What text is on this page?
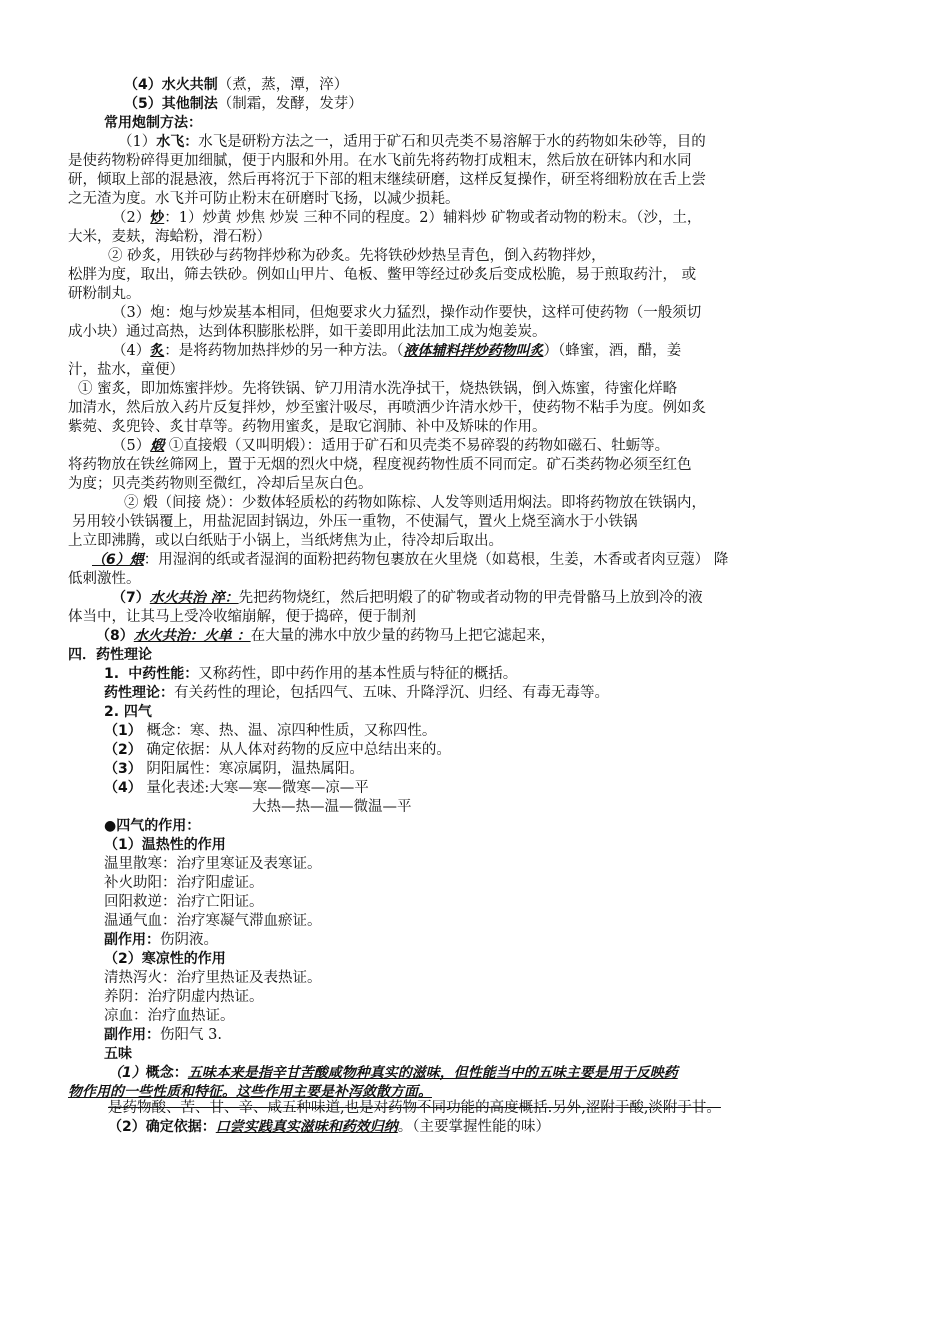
（4）水火共制（煮，蒸，潭，淬）
（5）其他制法（制霜，发酵，发芽）
常用炮制方法：
（1）水飞：水飞是研粉方法之一，适用于矿石和贝壳类不易溶解于水的药物如朱砂等，目的
是使药物粉碎得更加细腻，便于内服和外用。在水飞前先将药物打成粗末，然后放在研钵内和水同
研，倾取上部的混悬液，然后再将沉于下部的粗末继续研磨，这样反复操作，研至将细粉放在舌上尝
之无渣为度。水飞并可防止粉末在研磨时飞扬，以减少损耗。
（2）炒：1）炒黄 炒焦 炒炭 三种不同的程度。2）辅料炒 矿物或者动物的粉末。（沙，土，
大米，麦麸，海蛤粉，滑石粉）
② 砂炙，用铁砂与药物拌炒称为砂炙。先将铁砂炒热呈青色，倒入药物拌炒，
松胖为度，取出，筛去铁砂。例如山甲片、龟板、鳖甲等经过砂炙后变成松脆，易于煎取药汁， 或
研粉制丸。
（3）炮：炮与炒炭基本相同，但炮要求火力猛烈，操作动作要快，这样可使药物（一般须切
成小块）通过高热，达到体积膨胀松胖，如干姜即用此法加工成为炮姜炭。
（4）炙：是将药物加热拌炒的另一种方法。（液体辅料拌炒药物叫炙）（蜂蜜，酒，醋，姜
汁，盐水，童便）
① 蜜炙，即加炼蜜拌炒。先将铁锅、铲刀用清水洗净拭干，烧热铁锅，倒入炼蜜，待蜜化烊略
加清水，然后放入药片反复拌炒，炒至蜜汁吸尽，再喷洒少许清水炒干，使药物不粘手为度。例如炙
紫菀、炙兜铃、炙甘草等。药物用蜜炙，是取它润肺、补中及矫味的作用。
（5）煅 ①直接煅（又叫明煅）：适用于矿石和贝壳类不易碎裂的药物如磁石、牡蛎等。
将药物放在铁丝筛网上，置于无烟的烈火中烧，程度视药物性质不同而定。矿石类药物必须至红色
为度；贝壳类药物则至微红，冷却后呈灰白色。
② 煅（间接 烧）：少数体轻质松的药物如陈棕、人发等则适用焖法。即将药物放在铁锅内，
另用较小铁锅覆上，用盐泥固封锅边，外压一重物，不使漏气，置火上烧至滴水于小铁锅
上立即沸腾，或以白纸贴于小锅上，当纸烤焦为止，待冷却后取出。
（6）煨：用湿润的纸或者湿润的面粉把药物包裹放在火里烧（如葛根，生姜，木香或者肉豆蔻） 降
低刺激性。
（7）水火共治 淬：先把药物烧红，然后把明煅了的矿物或者动物的甲壳骨骼马上放到冷的液
体当中，让其马上受冷收缩崩解，便于捣碎，便于制剂
（8）水火共治：火单 ：在大量的沸水中放少量的药物马上把它滤起来，
四．药性理论
1. 中药性能：又称药性，即中药作用的基本性质与特征的概括。
药性理论：有关药性的理论，包括四气、五味、升降浮沉、归经、有毒无毒等。
2. 四气
（1） 概念：寒、热、温、凉四种性质，又称四性。
（2） 确定依据：从人体对药物的反应中总结出来的。
（3） 阴阳属性：寒凉属阴，温热属阳。
（4） 量化表述:大寒—寒—微寒—凉—平
大热—热—温—微温—平
●四气的作用：
（1）温热性的作用
温里散寒：治疗里寒证及表寒证。
补火助阳：治疗阳虚证。
回阳救逆：治疗亡阳证。
温通气血：治疗寒凝气滞血瘀证。
副作用：伤阴液。
（2）寒凉性的作用
清热泻火：治疗里热证及表热证。
养阴：治疗阴虚内热证。
凉血：治疗血热证。
副作用：伤阳气 3.
五味
（1）概念：五味本来是指辛甘苦酸咸物种真实的滋味，但性能当中的五味主要是用于反映药
物作用的一些性质和特征。这些作用主要是补泻敛散方面。
是药物酸、苦、甘、辛、咸五种味道,也是对药物不同功能的高度概括.另外,涩附于酸,淡附于甘。
（2）确定依据：口尝实践真实滋味和药效归纳。（主要掌握性能的味）
